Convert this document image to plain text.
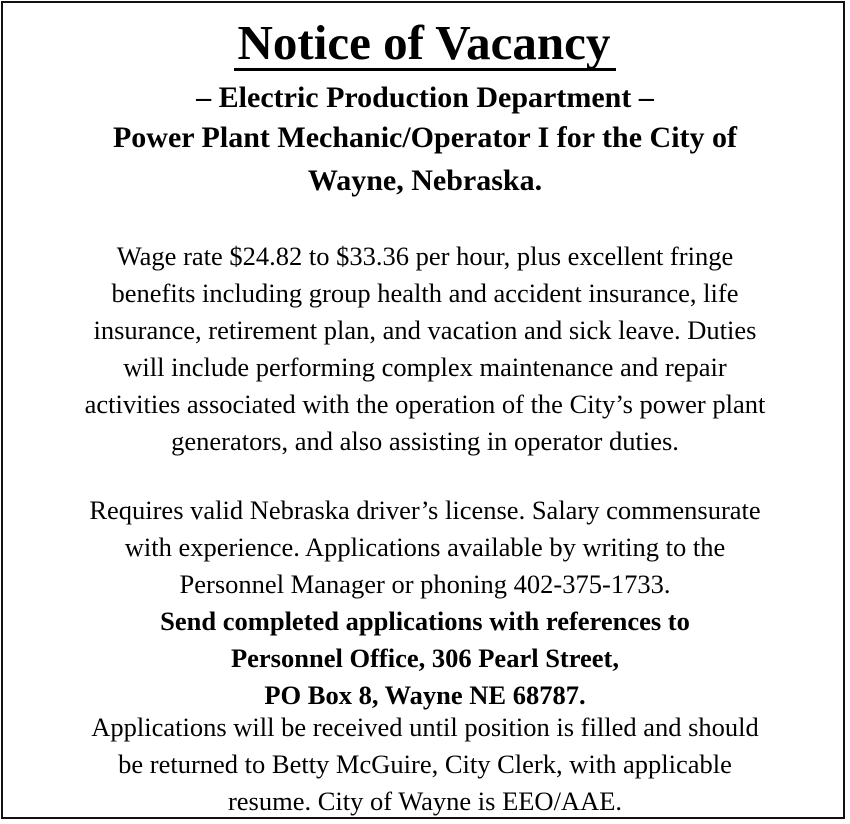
Notice of Vacancy
– Electric Production Department –
Power Plant Mechanic/Operator I for the City of
Wayne, Nebraska.
Wage rate $24.82 to $33.36 per hour, plus excellent fringe
benefits including group health and accident insurance, life
insurance, retirement plan, and vacation and sick leave. Duties
will include performing complex maintenance and repair
activities associated with the operation of the City’s power plant
generators, and also assisting in operator duties.
Requires valid Nebraska driver’s license. Salary commensurate
with experience. Applications available by writing to the
Personnel Manager or phoning 402-375-1733.
Send completed applications with references to
Personnel Office, 306 Pearl Street,
PO Box 8, Wayne NE 68787.
Applications will be received until position is filled and should
be returned to Betty McGuire, City Clerk, with applicable
resume. City of Wayne is EEO/AAE.
